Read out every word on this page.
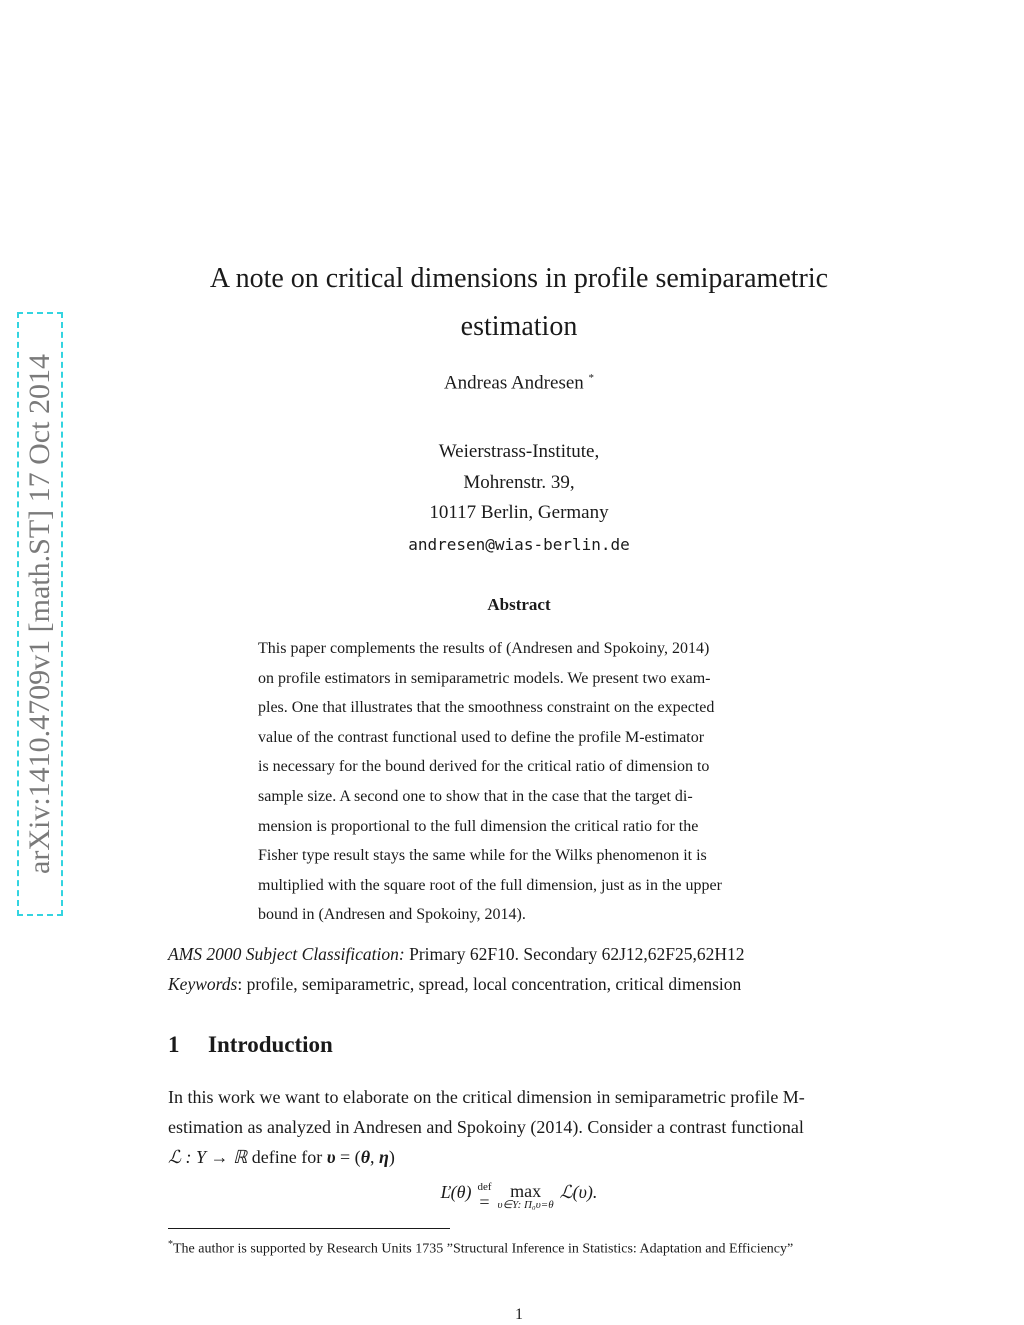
arXiv:1410.4709v1 [math.ST] 17 Oct 2014
A note on critical dimensions in profile semiparametric
estimation
Andreas Andresen *
Weierstrass-Institute,
Mohrenstr. 39,
10117 Berlin, Germany
andresen@wias-berlin.de
Abstract
This paper complements the results of (Andresen and Spokoiny, 2014)
on profile estimators in semiparametric models. We present two exam-
ples. One that illustrates that the smoothness constraint on the expected
value of the contrast functional used to define the profile M-estimator
is necessary for the bound derived for the critical ratio of dimension to
sample size. A second one to show that in the case that the target di-
mension is proportional to the full dimension the critical ratio for the
Fisher type result stays the same while for the Wilks phenomenon it is
multiplied with the square root of the full dimension, just as in the upper
bound in (Andresen and Spokoiny, 2014).
AMS 2000 Subject Classification: Primary 62F10. Secondary 62J12,62F25,62H12
Keywords: profile, semiparametric, spread, local concentration, critical dimension
1 Introduction
In this work we want to elaborate on the critical dimension in semiparametric profile M-
estimation as analyzed in Andresen and Spokoiny (2014). Consider a contrast functional
ℒ : Υ → ℝ define for υ = (θ, η)
Ľ(θ) def
=
max
υ∈Υ: Π₀υ=θ
ℒ(υ).
*The author is supported by Research Units 1735 ”Structural Inference in Statistics: Adaptation and Efficiency”
1
